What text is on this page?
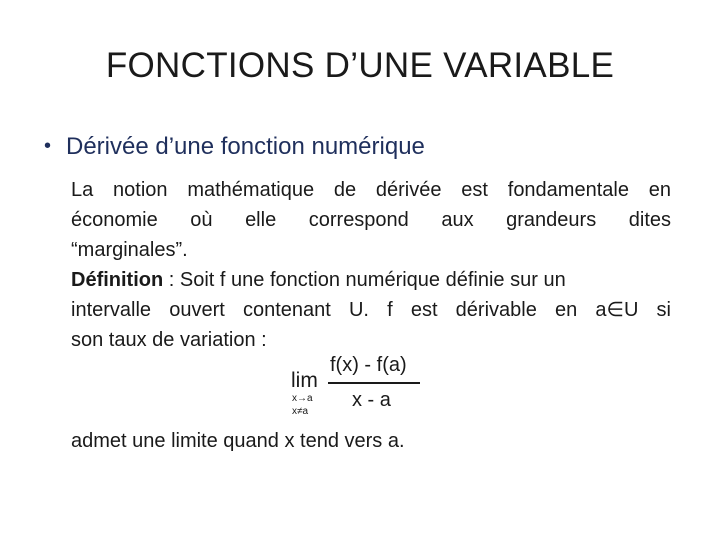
FONCTIONS D’UNE VARIABLE
• Dérivée d’une fonction numérique
La notion mathématique de dérivée est fondamentale en
économie où elle correspond aux grandeurs dites
“marginales”.
Définition : Soit f une fonction numérique définie sur un
intervalle ouvert contenant U. f est dérivable en a∈U si
son taux de variation :
lim
x→a
x≠a
f(x) - f(a)
x - a
admet une limite quand x tend vers a.
